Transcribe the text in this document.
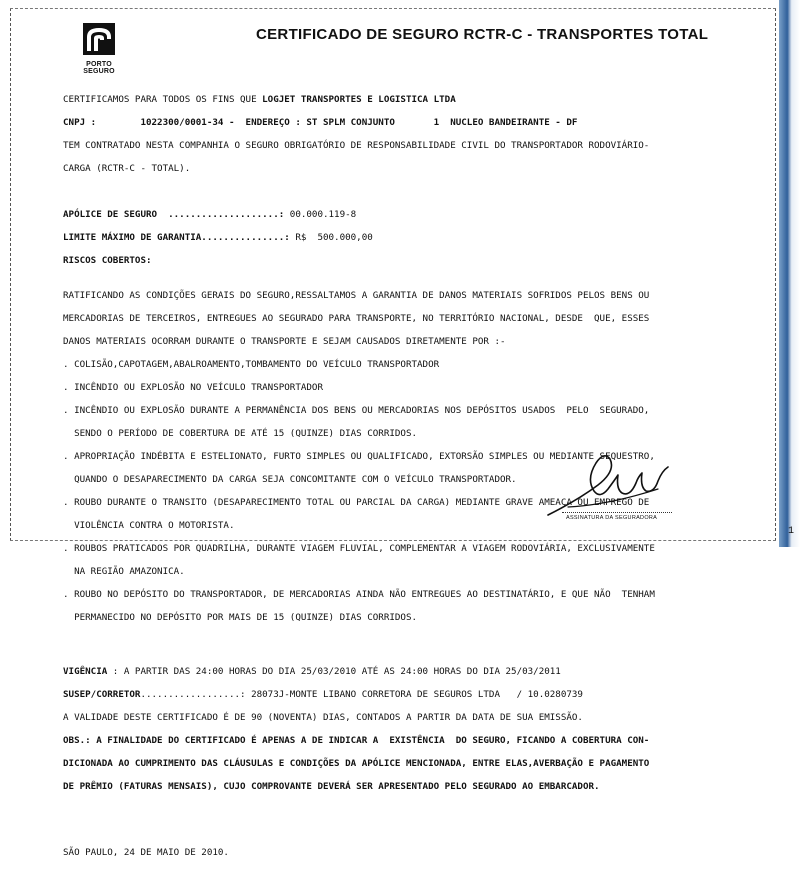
1
PORTO
SEGURO
CERTIFICADO DE SEGURO RCTR-C - TRANSPORTES TOTAL

CERTIFICAMOS PARA TODOS OS FINS QUE LOGJET TRANSPORTES E LOGISTICA LTDA

CNPJ :        1022300/0001-34 -  ENDEREÇO : ST SPLM CONJUNTO       1  NUCLEO BANDEIRANTE - DF

TEM CONTRATADO NESTA COMPANHIA O SEGURO OBRIGATÓRIO DE RESPONSABILIDADE CIVIL DO TRANSPORTADOR RODOVIÁRIO-

CARGA (RCTR-C - TOTAL).

APÓLICE DE SEGURO  ....................: 00.000.119-8

LIMITE MÁXIMO DE GARANTIA...............: R$  500.000,00

RISCOS COBERTOS:

RATIFICANDO AS CONDIÇÕES GERAIS DO SEGURO,RESSALTAMOS A GARANTIA DE DANOS MATERIAIS SOFRIDOS PELOS BENS OU

MERCADORIAS DE TERCEIROS, ENTREGUES AO SEGURADO PARA TRANSPORTE, NO TERRITÓRIO NACIONAL, DESDE  QUE, ESSES

DANOS MATERIAIS OCORRAM DURANTE O TRANSPORTE E SEJAM CAUSADOS DIRETAMENTE POR :-

. COLISÃO,CAPOTAGEM,ABALROAMENTO,TOMBAMENTO DO VEÍCULO TRANSPORTADOR

. INCÊNDIO OU EXPLOSÃO NO VEÍCULO TRANSPORTADOR

. INCÊNDIO OU EXPLOSÃO DURANTE A PERMANÊNCIA DOS BENS OU MERCADORIAS NOS DEPÓSITOS USADOS  PELO  SEGURADO,

SENDO O PERÍODO DE COBERTURA DE ATÉ 15 (QUINZE) DIAS CORRIDOS.

. APROPRIAÇÃO INDÉBITA E ESTELIONATO, FURTO SIMPLES OU QUALIFICADO, EXTORSÃO SIMPLES OU MEDIANTE SEQUESTRO,

QUANDO O DESAPARECIMENTO DA CARGA SEJA CONCOMITANTE COM O VEÍCULO TRANSPORTADOR.

. ROUBO DURANTE O TRANSITO (DESAPARECIMENTO TOTAL OU PARCIAL DA CARGA) MEDIANTE GRAVE AMEAÇA OU EMPREGO DE

VIOLÊNCIA CONTRA O MOTORISTA.

. ROUBOS PRATICADOS POR QUADRILHA, DURANTE VIAGEM FLUVIAL, COMPLEMENTAR A VIAGEM RODOVIÁRIA, EXCLUSIVAMENTE

NA REGIÃO AMAZONICA.

. ROUBO NO DEPÓSITO DO TRANSPORTADOR, DE MERCADORIAS AINDA NÃO ENTREGUES AO DESTINATÁRIO, E QUE NÃO  TENHAM

PERMANECIDO NO DEPÓSITO POR MAIS DE 15 (QUINZE) DIAS CORRIDOS.

VIGÊNCIA : A PARTIR DAS 24:00 HORAS DO DIA 25/03/2010 ATÉ AS 24:00 HORAS DO DIA 25/03/2011

SUSEP/CORRETOR..................: 28073J-MONTE LIBANO CORRETORA DE SEGUROS LTDA   / 10.0280739

A VALIDADE DESTE CERTIFICADO É DE 90 (NOVENTA) DIAS, CONTADOS A PARTIR DA DATA DE SUA EMISSÃO.

OBS.: A FINALIDADE DO CERTIFICADO É APENAS A DE INDICAR A  EXISTÊNCIA  DO SEGURO, FICANDO A COBERTURA CON-

DICIONADA AO CUMPRIMENTO DAS CLÁUSULAS E CONDIÇÕES DA APÓLICE MENCIONADA, ENTRE ELAS,AVERBAÇÃO E PAGAMENTO

DE PRÊMIO (FATURAS MENSAIS), CUJO COMPROVANTE DEVERÁ SER APRESENTADO PELO SEGURADO AO EMBARCADOR.

SÃO PAULO, 24 DE MAIO DE 2010.

ASSINATURA DA SEGURADORA
